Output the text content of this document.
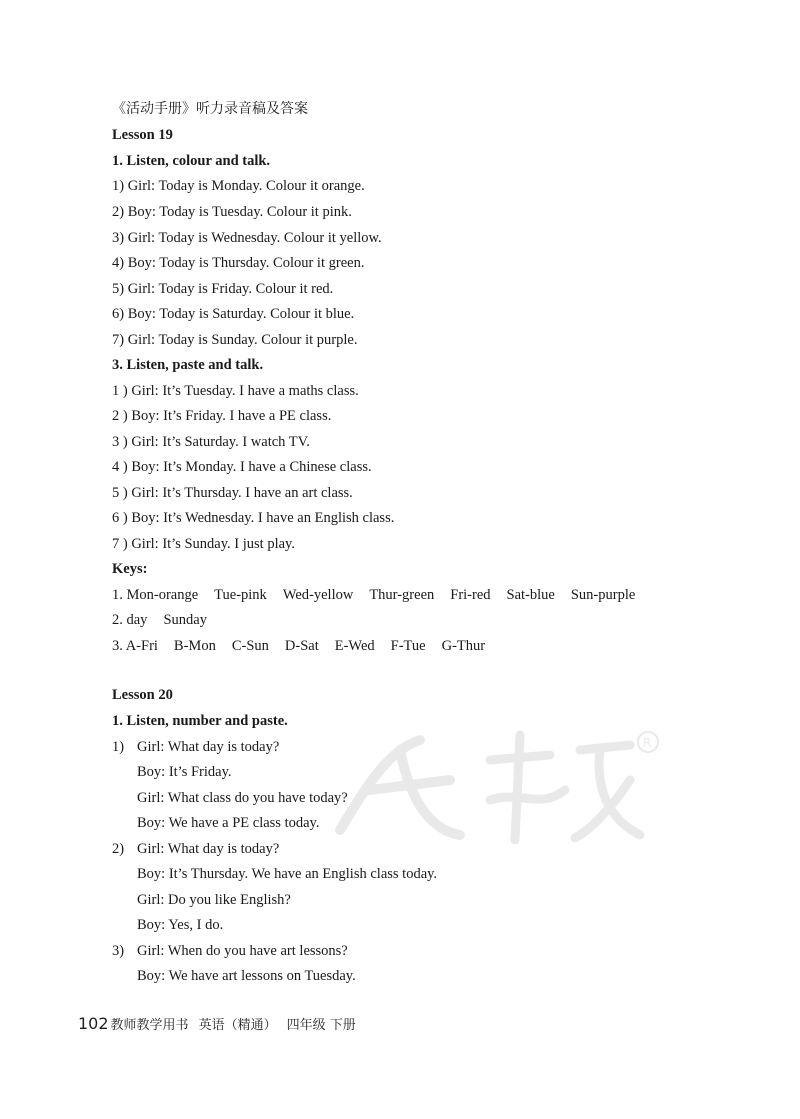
R
《活动手册》听力录音稿及答案
Lesson 19
1. Listen, colour and talk.
1) Girl: Today is Monday. Colour it orange.
2) Boy: Today is Tuesday. Colour it pink.
3) Girl: Today is Wednesday. Colour it yellow.
4) Boy: Today is Thursday. Colour it green.
5) Girl: Today is Friday. Colour it red.
6) Boy: Today is Saturday. Colour it blue.
7) Girl: Today is Sunday. Colour it purple.
3. Listen, paste and talk.
1 ) Girl: It’s Tuesday. I have a maths class.
2 ) Boy: It’s Friday. I have a PE class.
3 ) Girl: It’s Saturday. I watch TV.
4 ) Boy: It’s Monday. I have a Chinese class.
5 ) Girl: It’s Thursday. I have an art class.
6 ) Boy: It’s Wednesday. I have an English class.
7 ) Girl: It’s Sunday. I just play.
Keys:
1. Mon-orange Tue-pink Wed-yellow Thur-green Fri-red Sat-blue Sun-purple
2. day Sunday
3. A-Fri B-Mon C-Sun D-Sat E-Wed F-Tue G-Thur
Lesson 20
1. Listen, number and paste.
1) Girl: What day is today?
Boy: It’s Friday.
Girl: What class do you have today?
Boy: We have a PE class today.
2) Girl: What day is today?
Boy: It’s Thursday. We have an English class today.
Girl: Do you like English?
Boy: Yes, I do.
3) Girl: When do you have art lessons?
Boy: We have art lessons on Tuesday.
102 教师教学用书 英语（精通） 四年级 下册
